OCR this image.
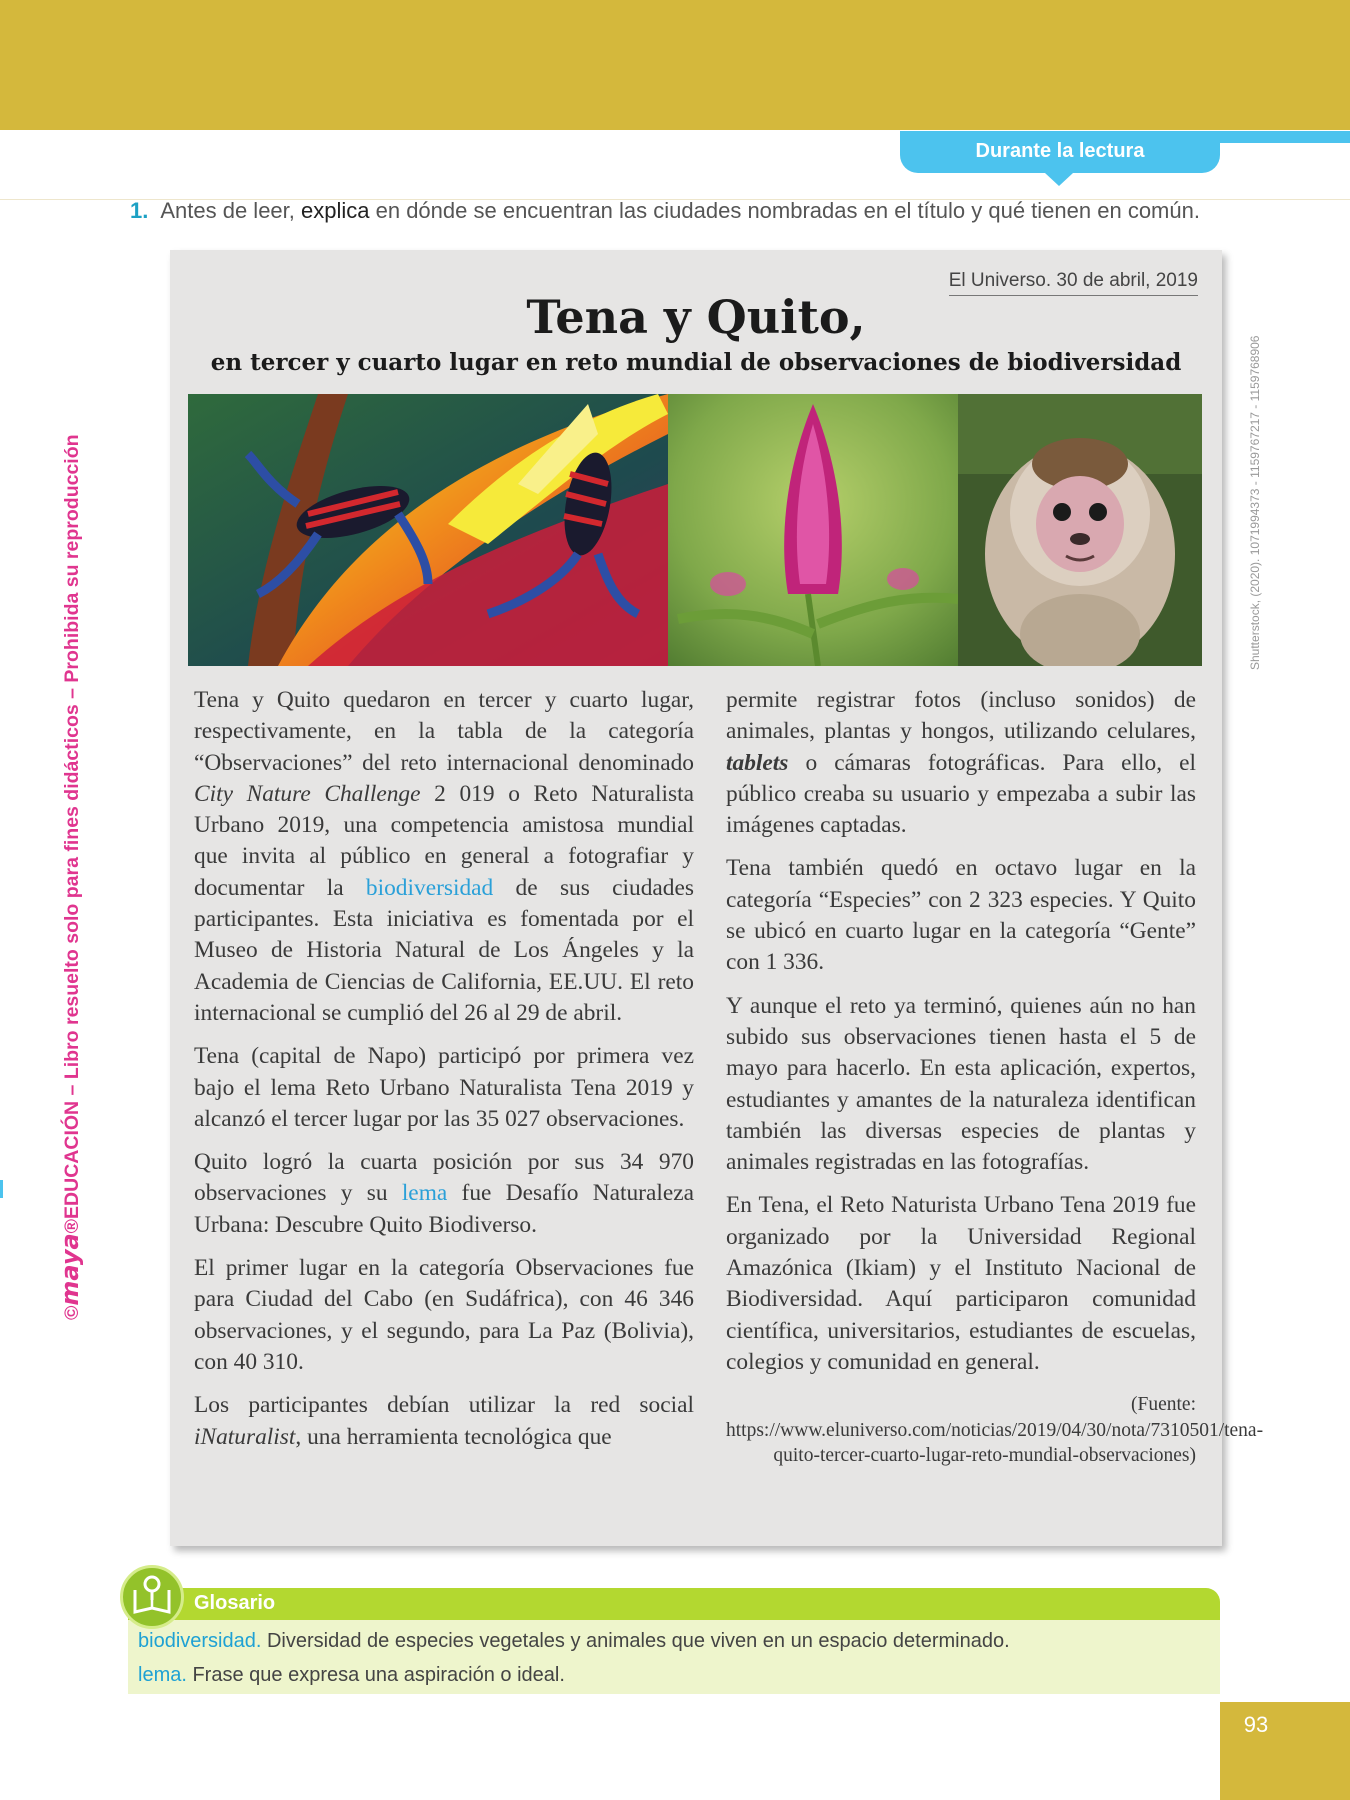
Durante la lectura
1. Antes de leer, explica en dónde se encuentran las ciudades nombradas en el título y qué tienen en común.
El Universo. 30 de abril, 2019
Tena y Quito,
en tercer y cuarto lugar en reto mundial de observaciones de biodiversidad

Tena y Quito quedaron en tercer y cuarto lugar, respectivamente, en la tabla de la categoría “Observaciones” del reto internacional denominado City Nature Challenge 2 019 o Reto Naturalista Urbano 2019, una competencia amistosa mundial que invita al público en general a fotografiar y documentar la biodiversidad de sus ciudades participantes. Esta iniciativa es fomentada por el Museo de Historia Natural de Los Ángeles y la Academia de Ciencias de California, EE.UU. El reto internacional se cumplió del 26 al 29 de abril.

Tena (capital de Napo) participó por primera vez bajo el lema Reto Urbano Naturalista Tena 2019 y alcanzó el tercer lugar por las 35 027 observaciones.

Quito logró la cuarta posición por sus 34 970 observaciones y su lema fue Desafío Naturaleza Urbana: Descubre Quito Biodiverso.

El primer lugar en la categoría Observaciones fue para Ciudad del Cabo (en Sudáfrica), con 46 346 observaciones, y el segundo, para La Paz (Bolivia), con 40 310.

Los participantes debían utilizar la red social iNaturalist, una herramienta tecnológica que

permite registrar fotos (incluso sonidos) de animales, plantas y hongos, utilizando celulares, tablets o cámaras fotográficas. Para ello, el público creaba su usuario y empezaba a subir las imágenes captadas.

Tena también quedó en octavo lugar en la categoría “Especies” con 2 323 especies. Y Quito se ubicó en cuarto lugar en la categoría “Gente” con 1 336.

Y aunque el reto ya terminó, quienes aún no han subido sus observaciones tienen hasta el 5 de mayo para hacerlo. En esta aplicación, expertos, estudiantes y amantes de la naturaleza identifican también las diversas especies de plantas y animales registradas en las fotografías.

En Tena, el Reto Naturista Urbano Tena 2019 fue organizado por la Universidad Regional Amazónica (Ikiam) y el Instituto Nacional de Biodiversidad. Aquí participaron comunidad científica, universitarios, estudiantes de escuelas, colegios y comunidad en general.

(Fuente: https://www.eluniverso.com/noticias/2019/04/30/nota/7310501/tena-quito-tercer-cuarto-lugar-reto-mundial-observaciones)

Shutterstock, (2020). 1071994373 - 1159767217 - 1159768906
©maya®EDUCACIÓN – Libro resuelto solo para fines didácticos – Prohibida su reproducción
Glosario
biodiversidad. Diversidad de especies vegetales y animales que viven en un espacio determinado.
lema. Frase que expresa una aspiración o ideal.
93
